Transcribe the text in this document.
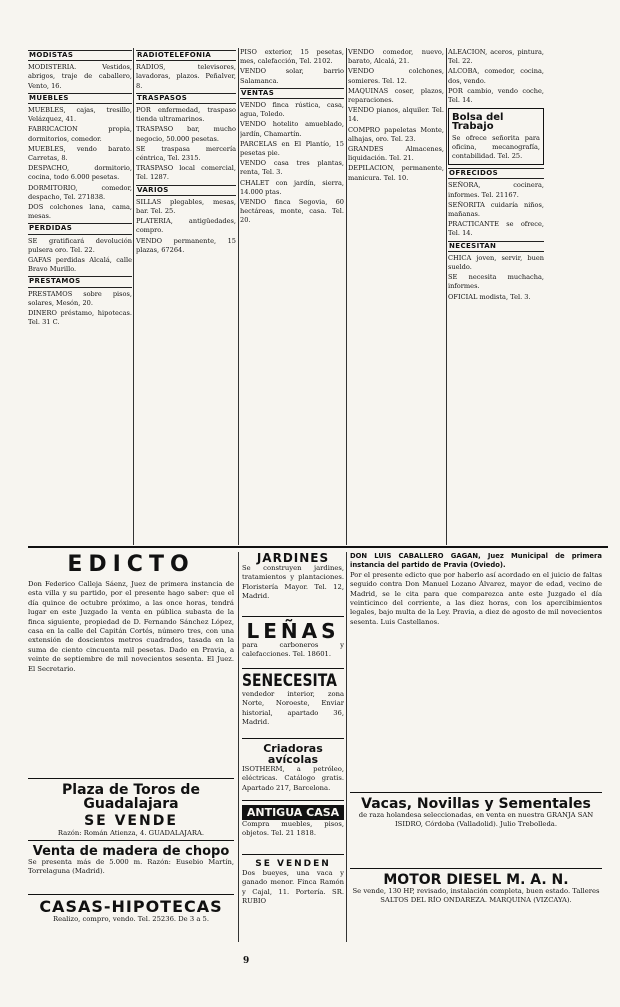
MODISTAS
MODISTERIA. Vestidos, abrigos, traje de caballero, Vento, 16.
MUEBLES
MUEBLES, cajas, tresillo, Velázquez, 41.
FABRICACION propia, dormitorios, comedor.
MUEBLES, vendo barato. Carretas, 8.
DESPACHO, dormitorio, cocina, todo 6.000 pesetas.
DORMITORIO, comedor, despacho, Tel. 271838.
DOS colchones lana, cama, mesas.
PERDIDAS
SE gratificará devolución pulsera oro. Tel. 22.
GAFAS perdidas Alcalá, calle Bravo Murillo.
PRESTAMOS
PRESTAMOS sobre pisos, solares, Mesón, 20.
DINERO préstamo, hipotecas. Tel. 31 C.
RADIOTELEFONIA
RADIOS, televisores, lavadoras, plazos. Peñalver, 8.
TRASPASOS
POR enfermedad, traspaso tienda ultramarinos.
TRASPASO bar, mucho negocio, 50.000 pesetas.
SE traspasa mercería céntrica, Tel. 2315.
TRASPASO local comercial, Tel. 1287.
VARIOS
SILLAS plegables, mesas, bar. Tel. 25.
PLATERIA, antigüedades, compro.
VENDO permanente, 15 plazas, 67264.
PISO exterior, 15 pesetas, mes, calefacción, Tel. 2102.
VENDO solar, barrio Salamanca.
VENTAS
VENDO finca rústica, casa, agua, Toledo.
VENDO hotelito amueblado, jardín, Chamartín.
PARCELAS en El Plantío, 15 pesetas pie.
VENDO casa tres plantas, renta, Tel. 3.
CHALET con jardín, sierra, 14.000 ptas.
VENDO finca Segovia, 60 hectáreas, monte, casa. Tel. 20.
VENDO comedor, nuevo, barato, Alcalá, 21.
VENDO colchones, somieres. Tel. 12.
MAQUINAS coser, plazos, reparaciones.
VENDO pianos, alquiler. Tel. 14.
COMPRO papeletas Monte, alhajas, oro. Tel. 23.
GRANDES Almacenes, liquidación. Tel. 21.
DEPILACION, permanente, manicura. Tel. 10.
ALEACION, aceros, pintura, Tel. 22.
ALCOBA, comedor, cocina, dos, vendo.
POR cambio, vendo coche, Tel. 14.
Bolsa del Trabajo
Se ofrece señorita para oficina, mecanografía, contabilidad. Tel. 25.
OFRECIDOS
SEÑORA, cocinera, informes. Tel. 21167.
SEÑORITA cuidaría niños, mañanas.
PRACTICANTE se ofrece, Tel. 14.
NECESITAN
CHICA joven, servir, buen sueldo.
SE necesita muchacha, informes.
OFICIAL modista, Tel. 3.
EDICTO
Don Federico Calleja Sáenz, Juez de primera instancia de esta villa y su partido, por el presente hago saber: que el día quince de octubre próximo, a las once horas, tendrá lugar en este Juzgado la venta en pública subasta de la finca siguiente, propiedad de D. Fernando Sánchez López, casa en la calle del Capitán Cortés, número tres, con una extensión de doscientos metros cuadrados, tasada en la suma de ciento cincuenta mil pesetas. Dado en Pravia, a veinte de septiembre de mil novecientos sesenta. El Juez. El Secretario.
Plaza de Toros de Guadalajara
SE VENDE
Razón: Román Atienza, 4. GUADALAJARA.
Venta de madera de chopo
Se presenta más de 5.000 m. Razón: Eusebio Martín, Torrelaguna (Madrid).
CASAS-HIPOTECAS
Realizo, compro, vendo. Tel. 25236. De 3 a 5.
JARDINES
Se construyen jardines, tratamientos y plantaciones. Floristería Mayor. Tel. 12, Madrid.
LEÑAS
para carboneros y calefacciones. Tel. 18601.
SENECESITA
vendedor interior, zona Norte, Noroeste, Enviar historial, apartado 36, Madrid.
Criadoras avícolas
ISOTHERM, a petróleo, eléctricas. Catálogo gratis. Apartado 217, Barcelona.
ANTIGUA CASA
Compra muebles, pisos, objetos. Tel. 21 1818.
SE VENDEN
Dos bueyes, una vaca y ganado menor. Finca Ramón y Cajal, 11. Portería. SR. RUBIO
DON LUIS CABALLERO GAGAN, Juez Municipal de primera instancia del partido de Pravia (Oviedo).
Por el presente edicto que por haberlo así acordado en el juicio de faltas seguido contra Don Manuel Lozano Álvarez, mayor de edad, vecino de Madrid, se le cita para que comparezca ante este Juzgado el día veinticinco del corriente, a las diez horas, con los apercibimientos legales, bajo multa de la Ley. Pravia, a diez de agosto de mil novecientos sesenta. Luis Castellanos.
Vacas, Novillas y Sementales
de raza holandesa seleccionadas, en venta en nuestra GRANJA SAN ISIDRO, Córdoba (Valladolid). Julio Trebolleda.
MOTOR DIESEL M. A. N.
Se vende, 130 HP, revisado, instalación completa, buen estado. Talleres SALTOS DEL RÍO ONDAREZA. MARQUINA (VIZCAYA).
9
